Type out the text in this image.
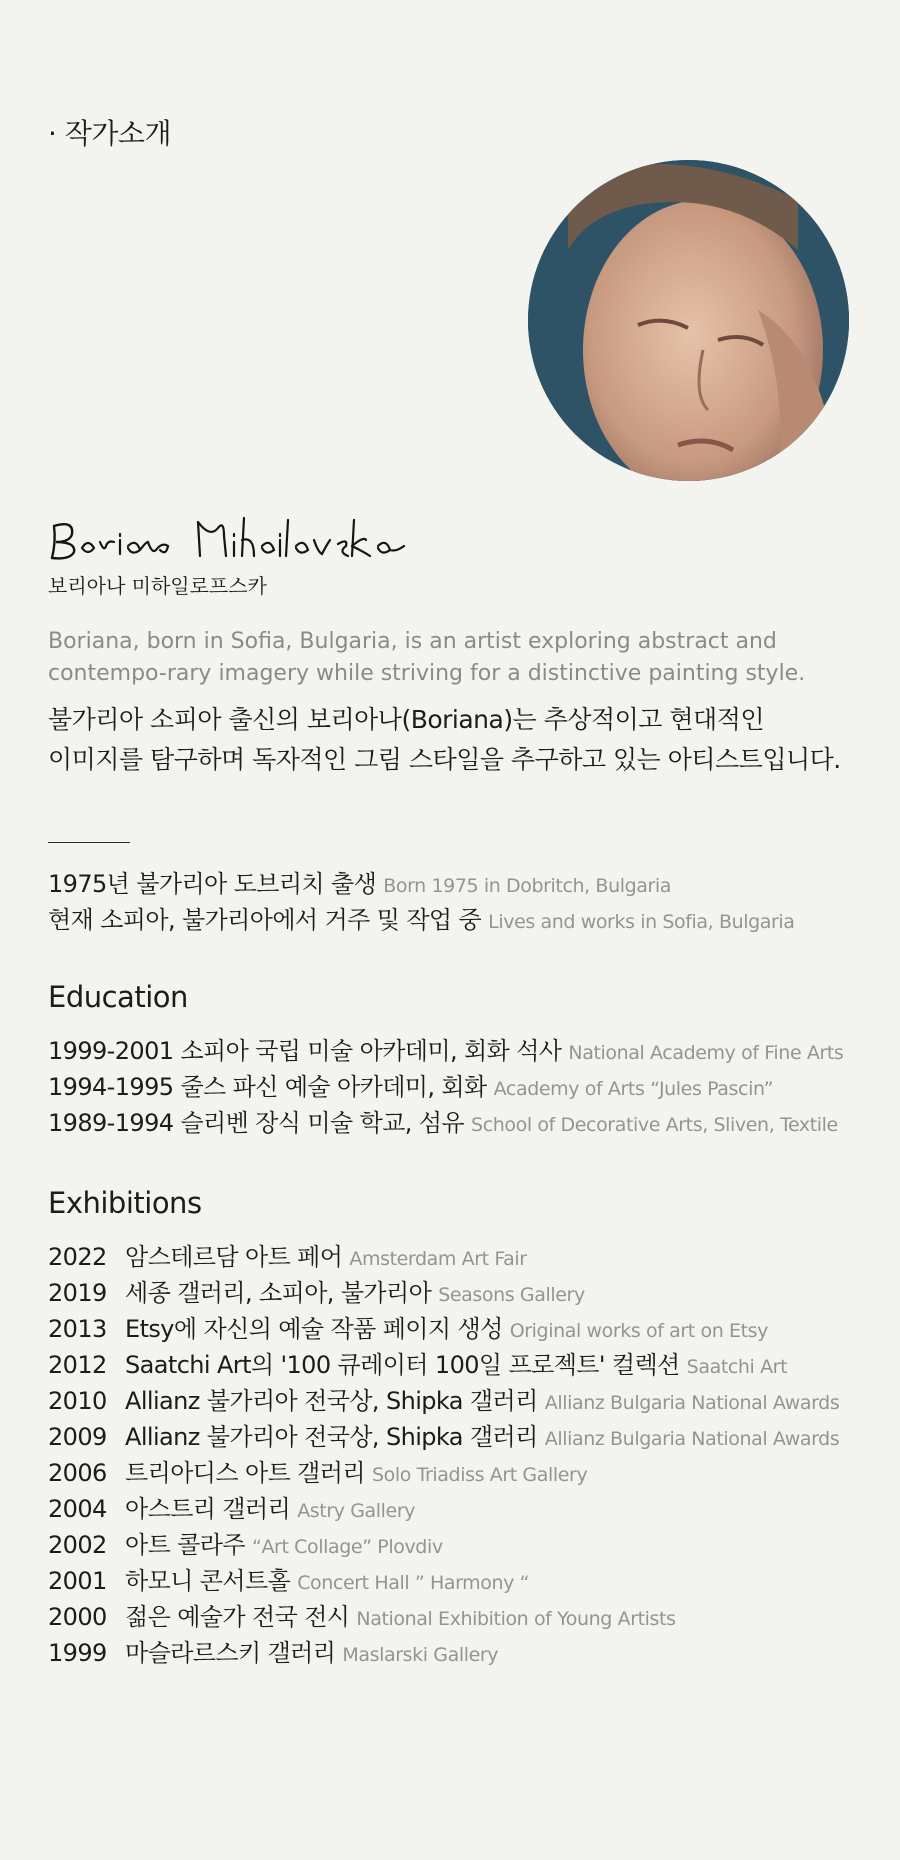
· 작가소개
보리아나 미하일로프스카
Boriana, born in Sofia, Bulgaria, is an artist exploring abstract and contempo-rary imagery while striving for a distinctive painting style.
불가리아 소피아 출신의 보리아나(Boriana)는 추상적이고 현대적인
이미지를 탐구하며 독자적인 그림 스타일을 추구하고 있는 아티스트입니다.
1975년 불가리아 도브리치 출생 Born 1975 in Dobritch, Bulgaria
현재 소피아, 불가리아에서 거주 및 작업 중 Lives and works in Sofia, Bulgaria
Education
1999-2001 소피아 국립 미술 아카데미, 회화 석사 National Academy of Fine Arts
1994-1995 줄스 파신 예술 아카데미, 회화 Academy of Arts “Jules Pascin”
1989-1994 슬리벤 장식 미술 학교, 섬유 School of Decorative Arts, Sliven, Textile
Exhibitions
2022 암스테르담 아트 페어 Amsterdam Art Fair
2019 세종 갤러리, 소피아, 불가리아 Seasons Gallery
2013 Etsy에 자신의 예술 작품 페이지 생성 Original works of art on Etsy
2012 Saatchi Art의 '100 큐레이터 100일 프로젝트' 컬렉션 Saatchi Art
2010 Allianz 불가리아 전국상, Shipka 갤러리 Allianz Bulgaria National Awards
2009 Allianz 불가리아 전국상, Shipka 갤러리 Allianz Bulgaria National Awards
2006 트리아디스 아트 갤러리 Solo Triadiss Art Gallery
2004 아스트리 갤러리 Astry Gallery
2002 아트 콜라주 “Art Collage” Plovdiv
2001 하모니 콘서트홀 Concert Hall ” Harmony “
2000 젊은 예술가 전국 전시 National Exhibition of Young Artists
1999 마슬라르스키 갤러리 Maslarski Gallery
